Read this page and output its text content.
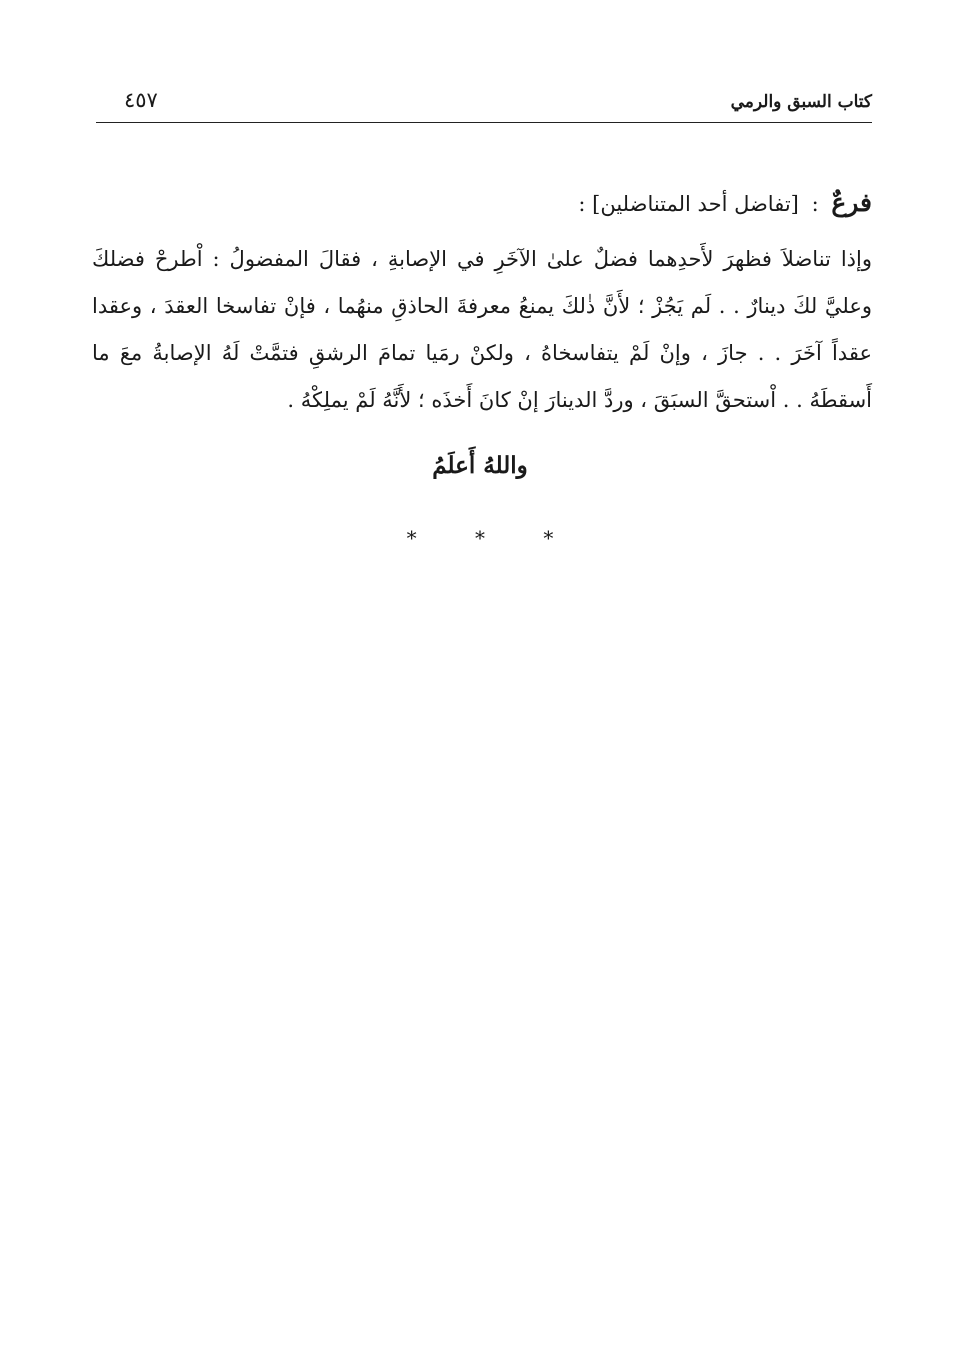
كتاب السبق والرمي
٤٥٧
فرعٌ : [تفاضل أحد المتناضلين] :

وإذا تناضلاَ فظهرَ لأَحدِهما فضلٌ علىٰ الآخَرِ في الإصابةِ ، فقالَ المفضولُ : اْطرحْ فضلكَ وعليَّ لكَ دينارٌ . . لَم يَجُزْ ؛ لأَنَّ ذٰلكَ يمنعُ معرفةَ الحاذقِ منهُما ، فإنْ تفاسخا العقدَ ، وعقدا عقداً آخَرَ . . جازَ ، وإنْ لَمْ يتفاسخاهُ ، ولكنْ رمَيا تمامَ الرشقِ فتمَّتْ لَهُ الإصابةُ معَ ما أَسقطَهُ . . اْستحقَّ السبَقَ ، وردَّ الدينارَ إنْ كانَ أَخذَه ؛ لأَنَّهُ لَمْ يملِكْهُ .

واللهُ أَعلَمُ
* * *
